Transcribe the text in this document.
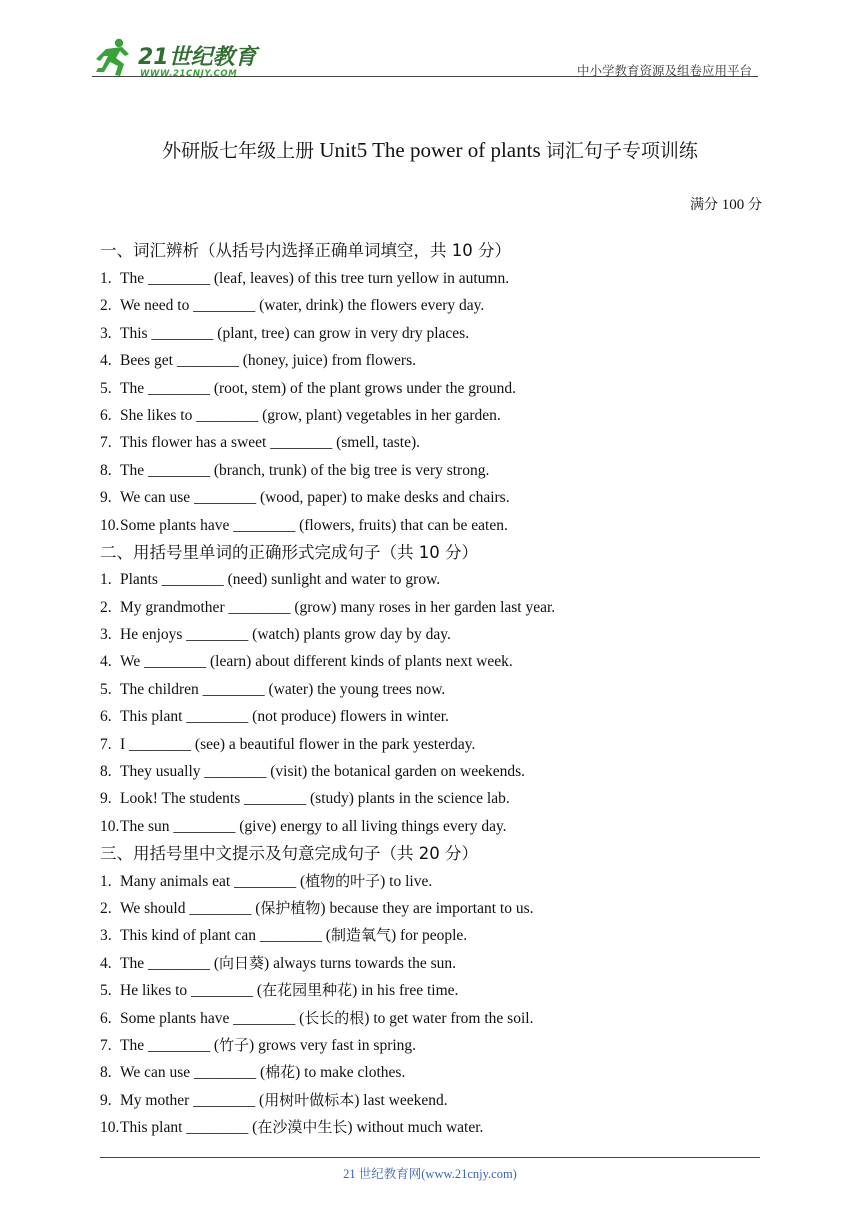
21世纪教育
WWW.21CNJY.COM	中小学教育资源及组卷应用平台
外研版七年级上册 Unit5 The power of plants 词汇句子专项训练
满分 100 分
一、词汇辨析（从括号内选择正确单词填空，共 10 分）
1. The ________ (leaf, leaves) of this tree turn yellow in autumn.
2. We need to ________ (water, drink) the flowers every day.
3. This ________ (plant, tree) can grow in very dry places.
4. Bees get ________ (honey, juice) from flowers.
5. The ________ (root, stem) of the plant grows under the ground.
6. She likes to ________ (grow, plant) vegetables in her garden.
7. This flower has a sweet ________ (smell, taste).
8. The ________ (branch, trunk) of the big tree is very strong.
9. We can use ________ (wood, paper) to make desks and chairs.
10.Some plants have ________ (flowers, fruits) that can be eaten.
二、用括号里单词的正确形式完成句子（共 10 分）
1. Plants ________ (need) sunlight and water to grow.
2. My grandmother ________ (grow) many roses in her garden last year.
3. He enjoys ________ (watch) plants grow day by day.
4. We ________ (learn) about different kinds of plants next week.
5. The children ________ (water) the young trees now.
6. This plant ________ (not produce) flowers in winter.
7. I ________ (see) a beautiful flower in the park yesterday.
8. They usually ________ (visit) the botanical garden on weekends.
9. Look! The students ________ (study) plants in the science lab.
10.The sun ________ (give) energy to all living things every day.
三、用括号里中文提示及句意完成句子（共 20 分）
1. Many animals eat ________ (植物的叶子) to live.
2. We should ________ (保护植物) because they are important to us.
3. This kind of plant can ________ (制造氧气) for people.
4. The ________ (向日葵) always turns towards the sun.
5. He likes to ________ (在花园里种花) in his free time.
6. Some plants have ________ (长长的根) to get water from the soil.
7. The ________ (竹子) grows very fast in spring.
8. We can use ________ (棉花) to make clothes.
9. My mother ________ (用树叶做标本) last weekend.
10.This plant ________ (在沙漠中生长) without much water.
21 世纪教育网(www.21cnjy.com)
